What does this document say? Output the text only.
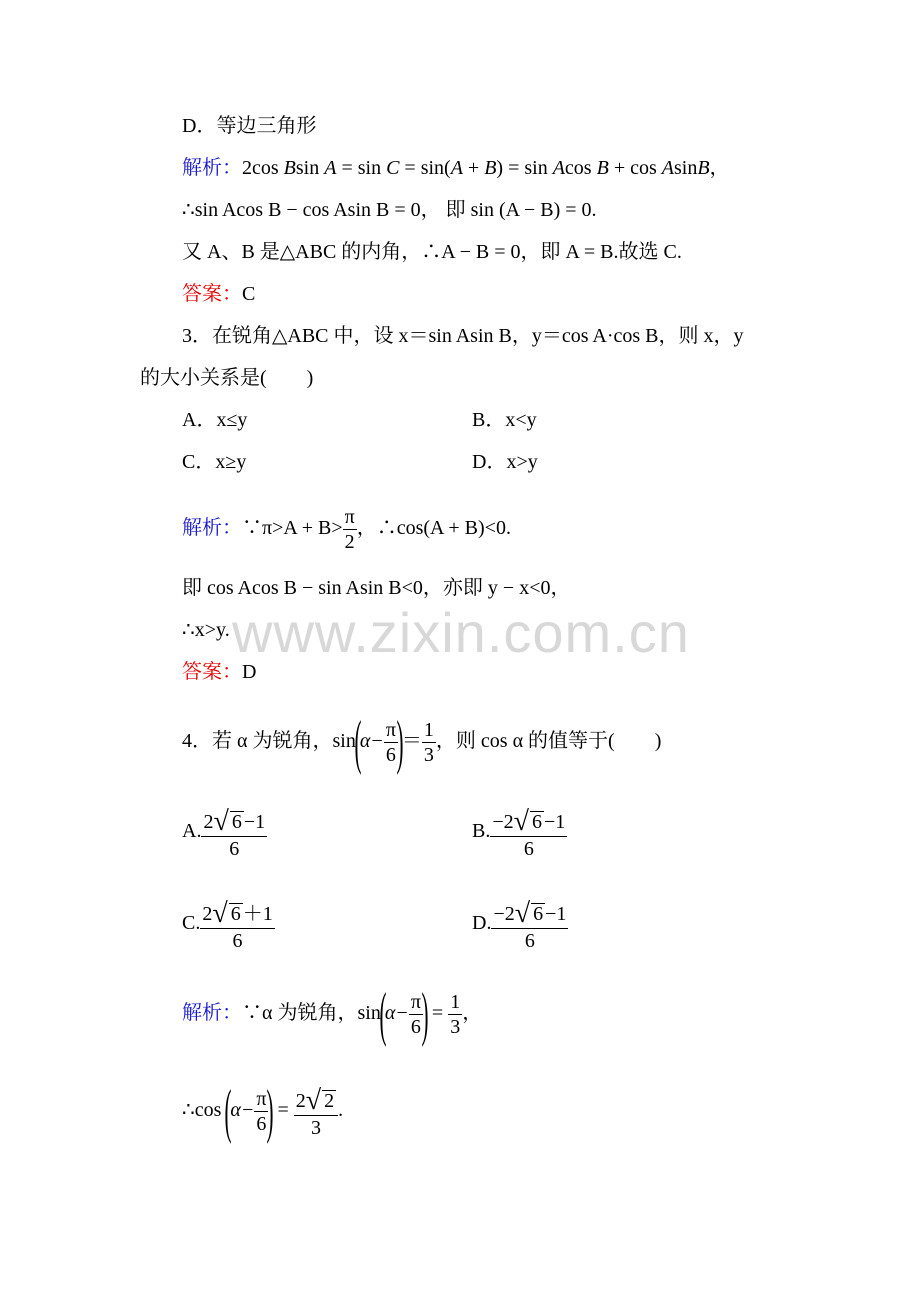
www.zixin.com.cn
D．等边三角形
解析：2cos Bsin A = sin C = sin(A + B) = sin Acos B + cos AsinB，
∴sin Acos B − cos Asin B = 0， 即 sin (A − B) = 0.
又 A、B 是△ABC 的内角，∴A − B = 0，即 A = B.故选 C.
答案：C
3．在锐角△ABC 中，设 x＝sin Asin B，y＝cos A·cos B，则 x，y
的大小关系是(　　)
A．x≤y	B．x<y
C．x≥y	D．x>y
解析：∵π>A + $B> \frac{\pi}{2}$ ，∴cos(A + B)<0.
即 cos Acos B − sin Asin B<0，亦即 y − x<0，
∴x>y.
答案：D
4．若 α 为锐角，$\sin(\alpha- \frac{\pi}{6}$
)＝ $\frac{1}{3}$ ，则 cos α 的值等于(　　)
A. $\frac{2√ 6 -1}{6}$	B. $\frac{-2√ 6 -1}{6}$
C. $\frac{2√ 6 +1}{6}$	D. $\frac{-2√ 6 -1}{6}$
解析：∵α 为锐角，$\sin(\alpha- \frac{\pi}{6}$
) = $\frac{1}{3}$ ，
∴cos ($\alpha- \frac{\pi}{6}$
) = $\frac{2√ 2}{3}$ .
